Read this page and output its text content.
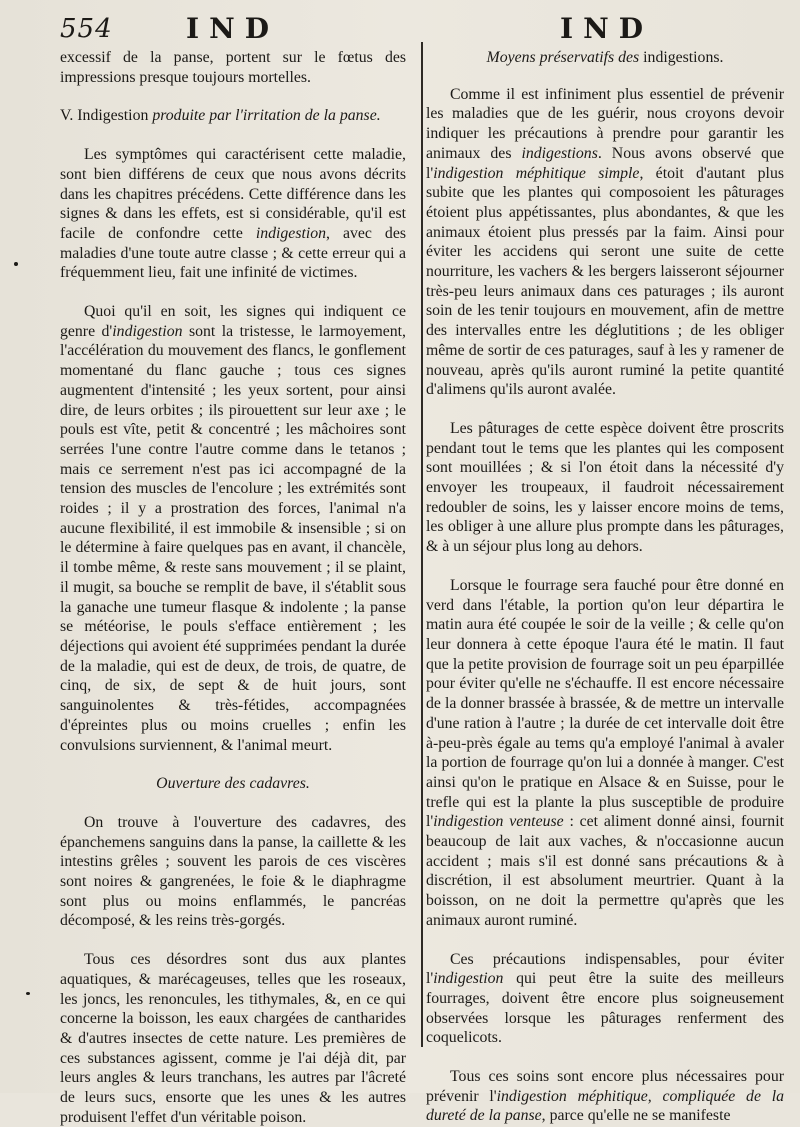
554	IND	IND

excessif de la panse, portent sur le fœtus des impressions presque toujours mortelles.

V. Indigestion produite par l'irritation de la panse.

Les symptômes qui caractérisent cette maladie, sont bien différens de ceux que nous avons décrits dans les chapitres précédens. Cette différence dans les signes & dans les effets, est si considérable, qu'il est facile de confondre cette indigestion, avec des maladies d'une toute autre classe ; & cette erreur qui a fréquemment lieu, fait une infinité de victimes.

Quoi qu'il en soit, les signes qui indiquent ce genre d'indigestion sont la tristesse, le larmoyement, l'accélération du mouvement des flancs, le gonflement momentané du flanc gauche ; tous ces signes augmentent d'intensité ; les yeux sortent, pour ainsi dire, de leurs orbites ; ils pirouettent sur leur axe ; le pouls est vîte, petit & concentré ; les mâchoires sont serrées l'une contre l'autre comme dans le tetanos ; mais ce serrement n'est pas ici accompagné de la tension des muscles de l'encolure ; les extrémités sont roides ; il y a prostration des forces, l'animal n'a aucune flexibilité, il est immobile & insensible ; si on le détermine à faire quelques pas en avant, il chancèle, il tombe même, & reste sans mouvement ; il se plaint, il mugit, sa bouche se remplit de bave, il s'établit sous la ganache une tumeur flasque & indolente ; la panse se météorise, le pouls s'efface entièrement ; les déjections qui avoient été supprimées pendant la durée de la maladie, qui est de deux, de trois, de quatre, de cinq, de six, de sept & de huit jours, sont sanguinolentes & très-fétides, accompagnées d'épreintes plus ou moins cruelles ; enfin les convulsions surviennent, & l'animal meurt.

Ouverture des cadavres.

On trouve à l'ouverture des cadavres, des épanchemens sanguins dans la panse, la caillette & les intestins grêles ; souvent les parois de ces viscères sont noires & gangrenées, le foie & le diaphragme sont plus ou moins enflammés, le pancréas décomposé, & les reins très-gorgés.

Tous ces désordres sont dus aux plantes aquatiques, & marécageuses, telles que les roseaux, les joncs, les renoncules, les tithymales, &, en ce qui concerne la boisson, les eaux chargées de cantharides & d'autres insectes de cette nature. Les premières de ces substances agissent, comme je l'ai déjà dit, par leurs angles & leurs tranchans, les autres par l'âcreté de leurs sucs, ensorte que les unes & les autres produisent l'effet d'un véritable poison.

Moyens préservatifs des indigestions.

Comme il est infiniment plus essentiel de prévenir les maladies que de les guérir, nous croyons devoir indiquer les précautions à prendre pour garantir les animaux des indigestions. Nous avons observé que l'indigestion méphitique simple, étoit d'autant plus subite que les plantes qui composoient les pâturages étoient plus appétissantes, plus abondantes, & que les animaux étoient plus pressés par la faim. Ainsi pour éviter les accidens qui seront une suite de cette nourriture, les vachers & les bergers laisseront séjourner très-peu leurs animaux dans ces paturages ; ils auront soin de les tenir toujours en mouvement, afin de mettre des intervalles entre les déglutitions ; de les obliger même de sortir de ces paturages, sauf à les y ramener de nouveau, après qu'ils auront ruminé la petite quantité d'alimens qu'ils auront avalée.

Les pâturages de cette espèce doivent être proscrits pendant tout le tems que les plantes qui les composent sont mouillées ; & si l'on étoit dans la nécessité d'y envoyer les troupeaux, il faudroit nécessairement redoubler de soins, les y laisser encore moins de tems, les obliger à une allure plus prompte dans les pâturages, & à un séjour plus long au dehors.

Lorsque le fourrage sera fauché pour être donné en verd dans l'étable, la portion qu'on leur départira le matin aura été coupée le soir de la veille ; & celle qu'on leur donnera à cette époque l'aura été le matin. Il faut que la petite provision de fourrage soit un peu éparpillée pour éviter qu'elle ne s'échauffe. Il est encore nécessaire de la donner brassée à brassée, & de mettre un intervalle d'une ration à l'autre ; la durée de cet intervalle doit être à-peu-près égale au tems qu'a employé l'animal à avaler la portion de fourrage qu'on lui a donnée à manger. C'est ainsi qu'on le pratique en Alsace & en Suisse, pour le trefle qui est la plante la plus susceptible de produire l'indigestion venteuse : cet aliment donné ainsi, fournit beaucoup de lait aux vaches, & n'occasionne aucun accident ; mais s'il est donné sans précautions & à discrétion, il est absolument meurtrier. Quant à la boisson, on ne doit la permettre qu'après que les animaux auront ruminé.

Ces précautions indispensables, pour éviter l'indigestion qui peut être la suite des meilleurs fourrages, doivent être encore plus soigneusement observées lorsque les pâturages renferment des coquelicots.

Tous ces soins sont encore plus nécessaires pour prévenir l'indigestion méphitique, compliquée de la dureté de la panse, parce qu'elle ne se manifeste
